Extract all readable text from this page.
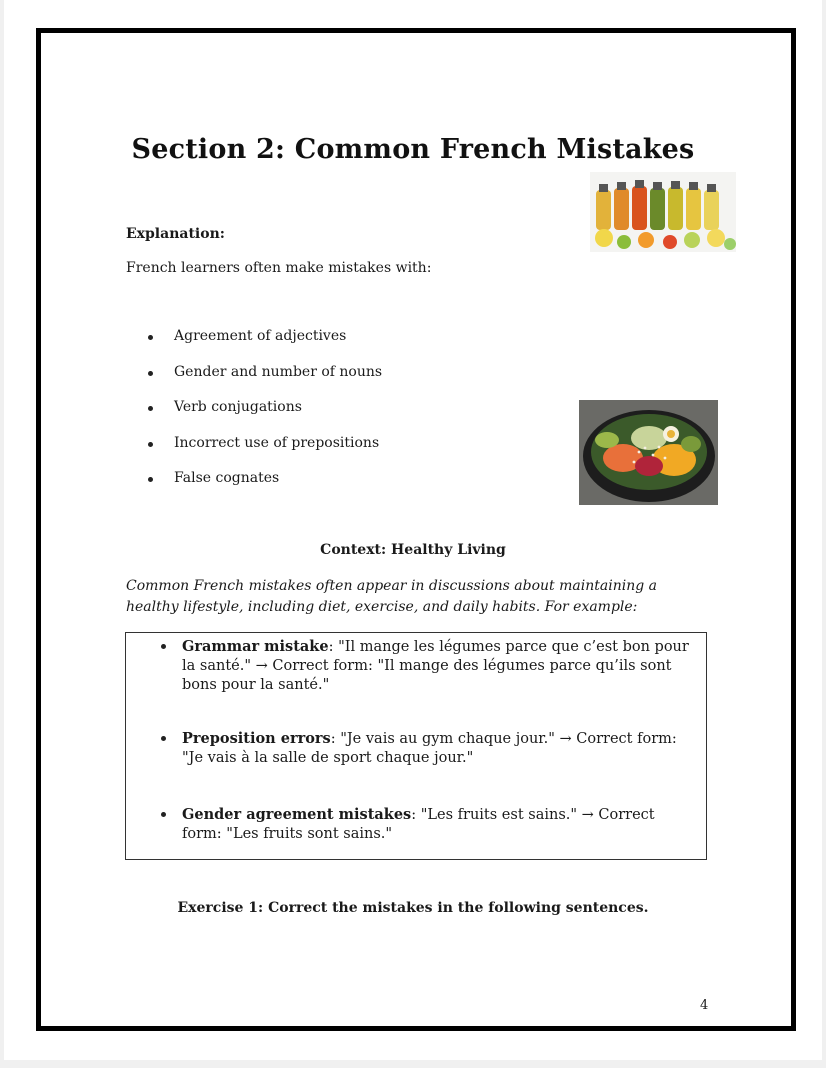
Section 2: Common French Mistakes
Explanation:
French learners often make mistakes with:
Agreement of adjectives
Gender and number of nouns
Verb conjugations
Incorrect use of prepositions
False cognates
Context: Healthy Living
Common French mistakes often appear in discussions about maintaining a healthy lifestyle, including diet, exercise, and daily habits. For example:
Grammar mistake: "Il mange les légumes parce que c’est bon pour la santé." → Correct form: "Il mange des légumes parce qu’ils sont bons pour la santé."
Preposition errors: "Je vais au gym chaque jour." → Correct form: "Je vais à la salle de sport chaque jour."
Gender agreement mistakes: "Les fruits est sains." → Correct form: "Les fruits sont sains."
Exercise 1: Correct the mistakes in the following sentences.
4
